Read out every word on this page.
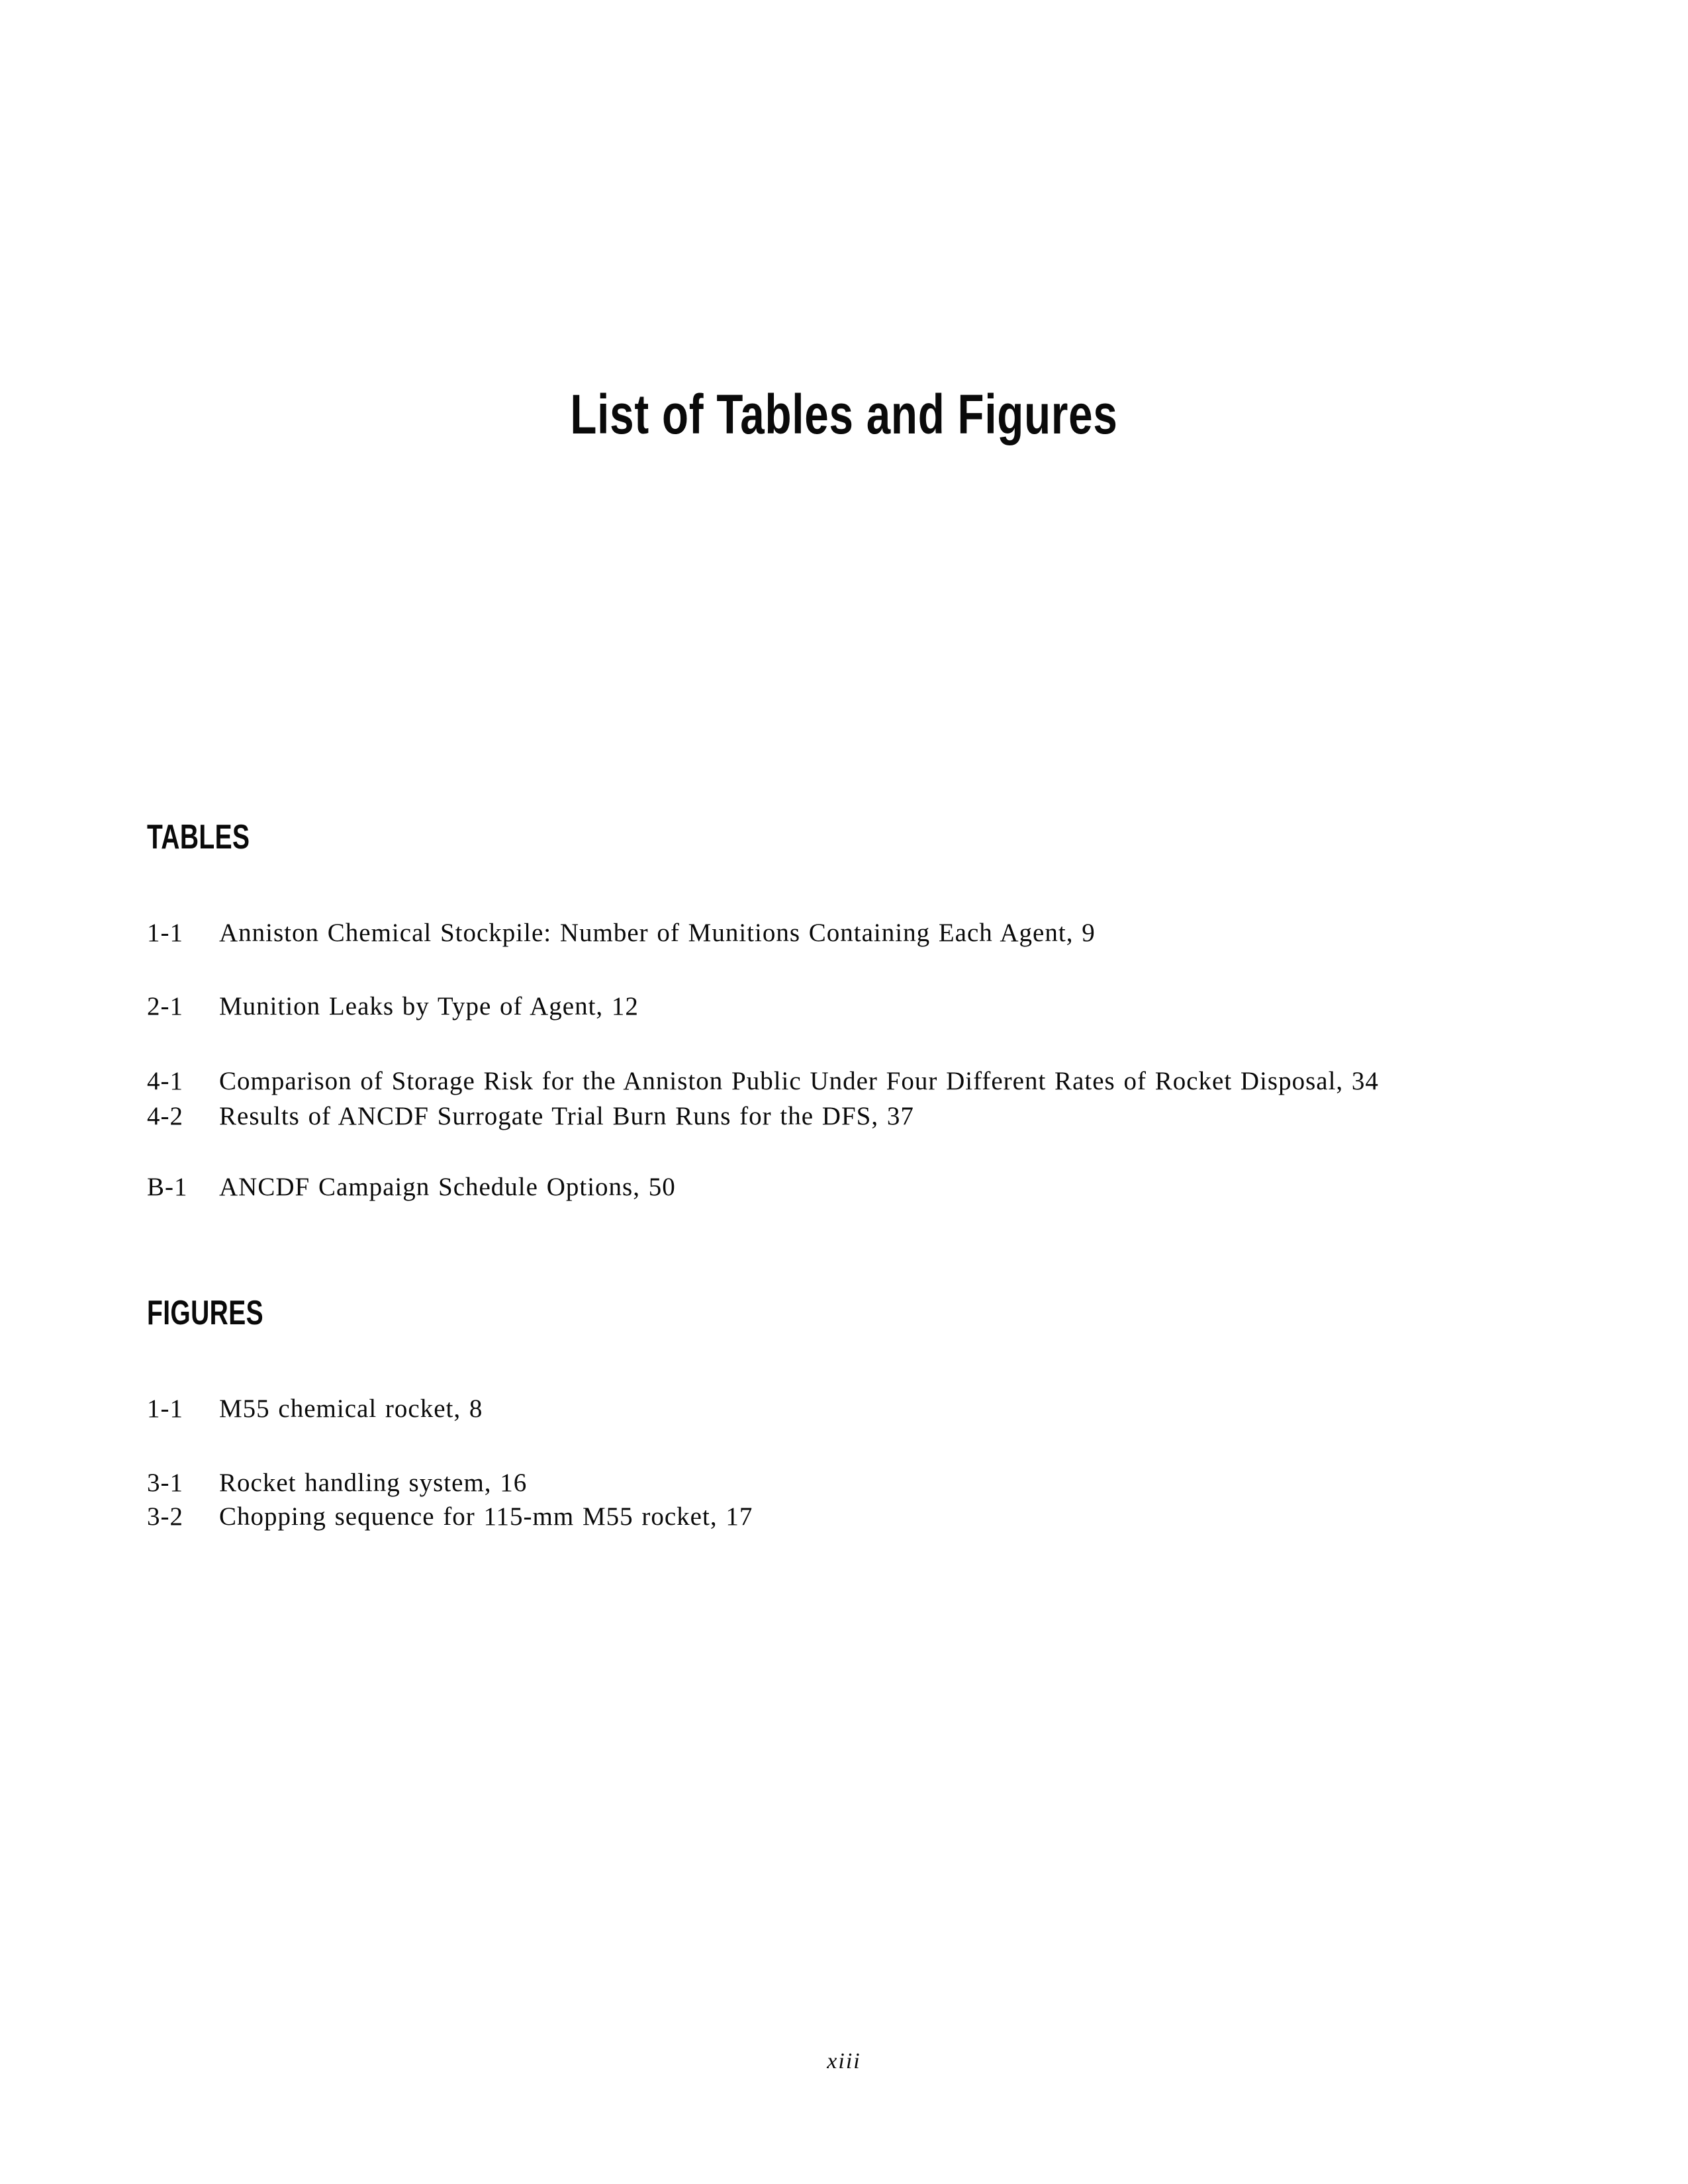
List of Tables and Figures
TABLES
1-1	Anniston Chemical Stockpile: Number of Munitions Containing Each Agent, 9
2-1	Munition Leaks by Type of Agent, 12
4-1	Comparison of Storage Risk for the Anniston Public Under Four Different Rates of Rocket Disposal, 34
4-2	Results of ANCDF Surrogate Trial Burn Runs for the DFS, 37
B-1	ANCDF Campaign Schedule Options, 50
FIGURES
1-1	M55 chemical rocket, 8
3-1	Rocket handling system, 16
3-2	Chopping sequence for 115-mm M55 rocket, 17
xiii
